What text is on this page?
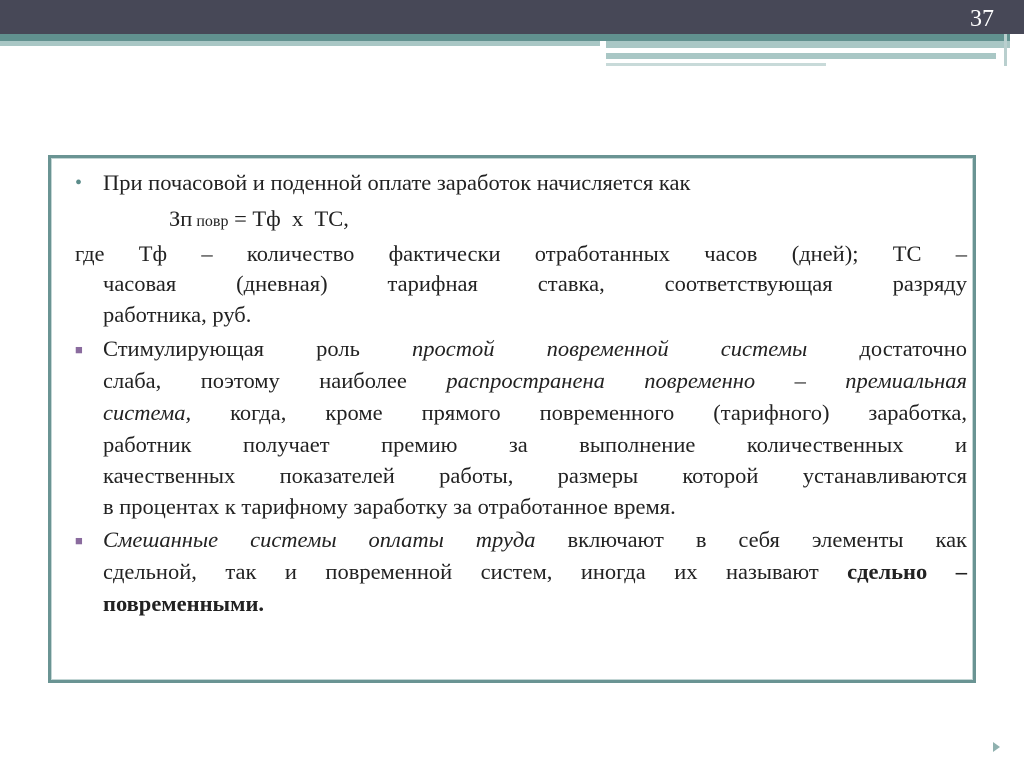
37
• При почасовой и поденной оплате заработок начисляется как
Зп повр = Тф  х  ТС,
где Тф – количество фактически отработанных часов (дней); ТС –
часовая (дневная) тарифная ставка, соответствующая разряду
работника, руб.
■ Стимулирующая роль простой повременной системы достаточно
слаба, поэтому наиболее распространена повременно – премиальная
система, когда, кроме прямого повременного (тарифного) заработка,
работник получает премию за выполнение количественных и
качественных показателей работы, размеры которой устанавливаются
в процентах к тарифному заработку за отработанное время.
■ Смешанные системы оплаты труда включают в себя элементы как
сдельной, так и повременной систем, иногда их называют сдельно –
повременными.
